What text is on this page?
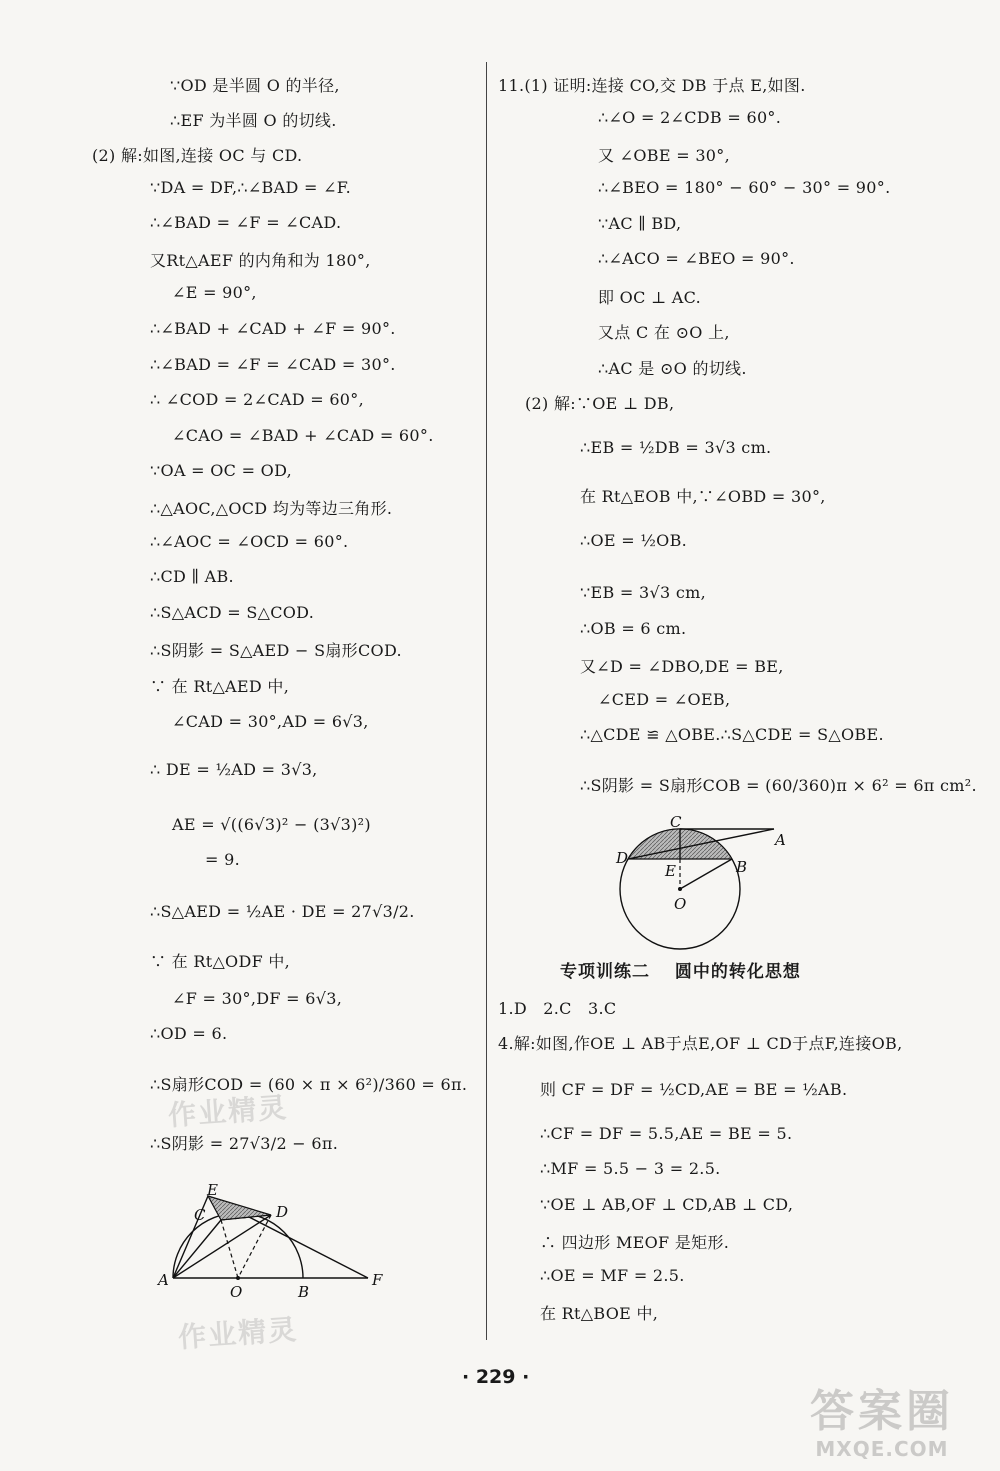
∵OD 是半圆 O 的半径,
∴EF 为半圆 O 的切线.
(2) 解:如图,连接 OC 与 CD.
∵DA = DF,∴∠BAD = ∠F.
∴∠BAD = ∠F = ∠CAD.
又Rt△AEF 的内角和为 180°,
∠E = 90°,
∴∠BAD + ∠CAD + ∠F = 90°.
∴∠BAD = ∠F = ∠CAD = 30°.
∴ ∠COD = 2∠CAD = 60°,
∠CAO = ∠BAD + ∠CAD = 60°.
∵OA = OC = OD,
∴△AOC,△OCD 均为等边三角形.
∴∠AOC = ∠OCD = 60°.
∴CD ∥ AB.
∴S△ACD = S△COD.
∴S阴影 = S△AED − S扇形COD.
∵ 在 Rt△AED 中,
∠CAD = 30°,AD = 6√3,
∴ DE = ½AD = 3√3,
AE = √((6√3)² − (3√3)²)
= 9.
∴S△AED = ½AE · DE = 27√3/2.
∵ 在 Rt△ODF 中,
∠F = 30°,DF = 6√3,
∴OD = 6.
∴S扇形COD = (60 × π × 6²)/360 = 6π.
∴S阴影 = 27√3/2 − 6π.
E
C	D
A
O	B
F
11.(1) 证明:连接 CO,交 DB 于点 E,如图.
∴∠O = 2∠CDB = 60°.
又 ∠OBE = 30°,
∴∠BEO = 180° − 60° − 30° = 90°.
∵AC ∥ BD,
∴∠ACO = ∠BEO = 90°.
即 OC ⊥ AC.
又点 C 在 ⊙O 上,
∴AC 是 ⊙O 的切线.
(2) 解:∵OE ⊥ DB,
∴EB = ½DB = 3√3 cm.
在 Rt△EOB 中,∵∠OBD = 30°,
∴OE = ½OB.
∵EB = 3√3 cm,
∴OB = 6 cm.
又∠D = ∠DBO,DE = BE,
∠CED = ∠OEB,
∴△CDE ≌ △OBE.∴S△CDE = S△OBE.
∴S阴影 = S扇形COB = (60/360)π × 6² = 6π cm².
C
A
D
E	B
O
专项训练二　 圆中的转化思想
1.D　2.C　3.C
4.解:如图,作OE ⊥ AB于点E,OF ⊥ CD于点F,连接OB,
则 CF = DF = ½CD,AE = BE = ½AB.
∴CF = DF = 5.5,AE = BE = 5.
∴MF = 5.5 − 3 = 2.5.
∵OE ⊥ AB,OF ⊥ CD,AB ⊥ CD,
∴ 四边形 MEOF 是矩形.
∴OE = MF = 2.5.
在 Rt△BOE 中,
· 229 ·
作业精灵
作业精灵
答案圈
MXQE.COM
